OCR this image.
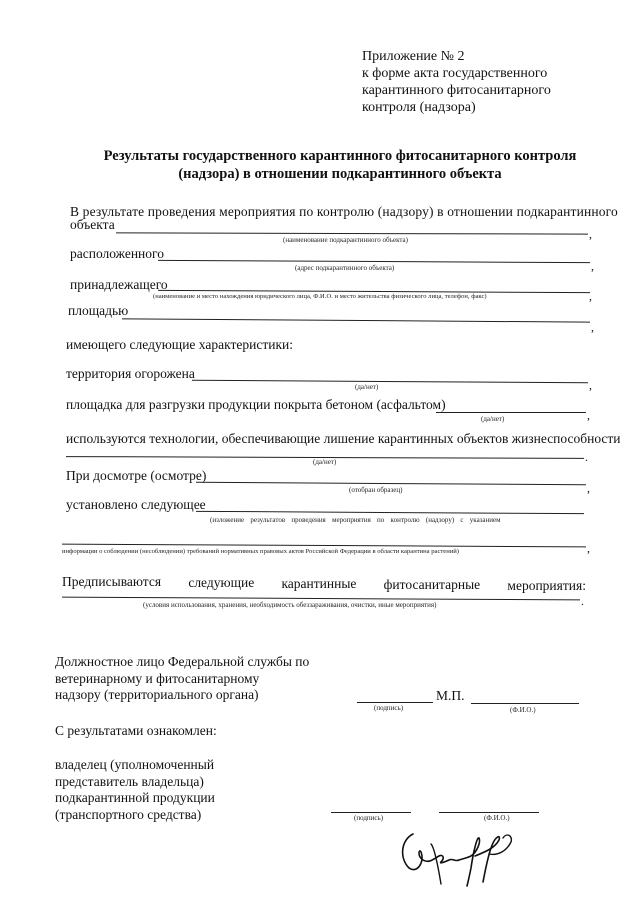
Приложение № 2
к форме акта государственного
карантинного фитосанитарного
контроля (надзора)
Результаты государственного карантинного фитосанитарного контроля
(надзора) в отношении подкарантинного объекта
В результате проведения мероприятия по контролю (надзору) в отношении подкарантинного
объекта
,
(наименование подкарантинного объекта)
расположенного
,
(адрес подкарантинного объекта)
принадлежащего
,
(наименование и место нахождения юридического лица, Ф.И.О. и место жительства физического лица, телефон, факс)
площадью
,
имеющего следующие характеристики:
территория огорожена
,
(да/нет)
площадка для разгрузки продукции покрыта бетоном (асфальтом)
,
(да/нет)
используются технологии, обеспечивающие лишение карантинных объектов жизнеспособности
.
(да/нет)
При досмотре (осмотре)
,
(отобран образец)
установлено следующее
(изложение результатов проведения мероприятия по контролю (надзору) с указанием
,
информации о соблюдении (несоблюдении) требований нормативных правовых актов Российской Федерации в области карантина растений)
Предписываются следующие карантинные фитосанитарные мероприятия:
.
(условия использования, хранения, необходимость обеззараживания, очистки, иные мероприятия)
Должностное лицо Федеральной службы по
ветеринарному и фитосанитарному
надзору (территориального органа)
(подпись)
М.П.
(Ф.И.О.)
С результатами ознакомлен:
владелец (уполномоченный
представитель владельца)
подкарантинной продукции
(транспортного средства)	(подпись)	(Ф.И.О.)
